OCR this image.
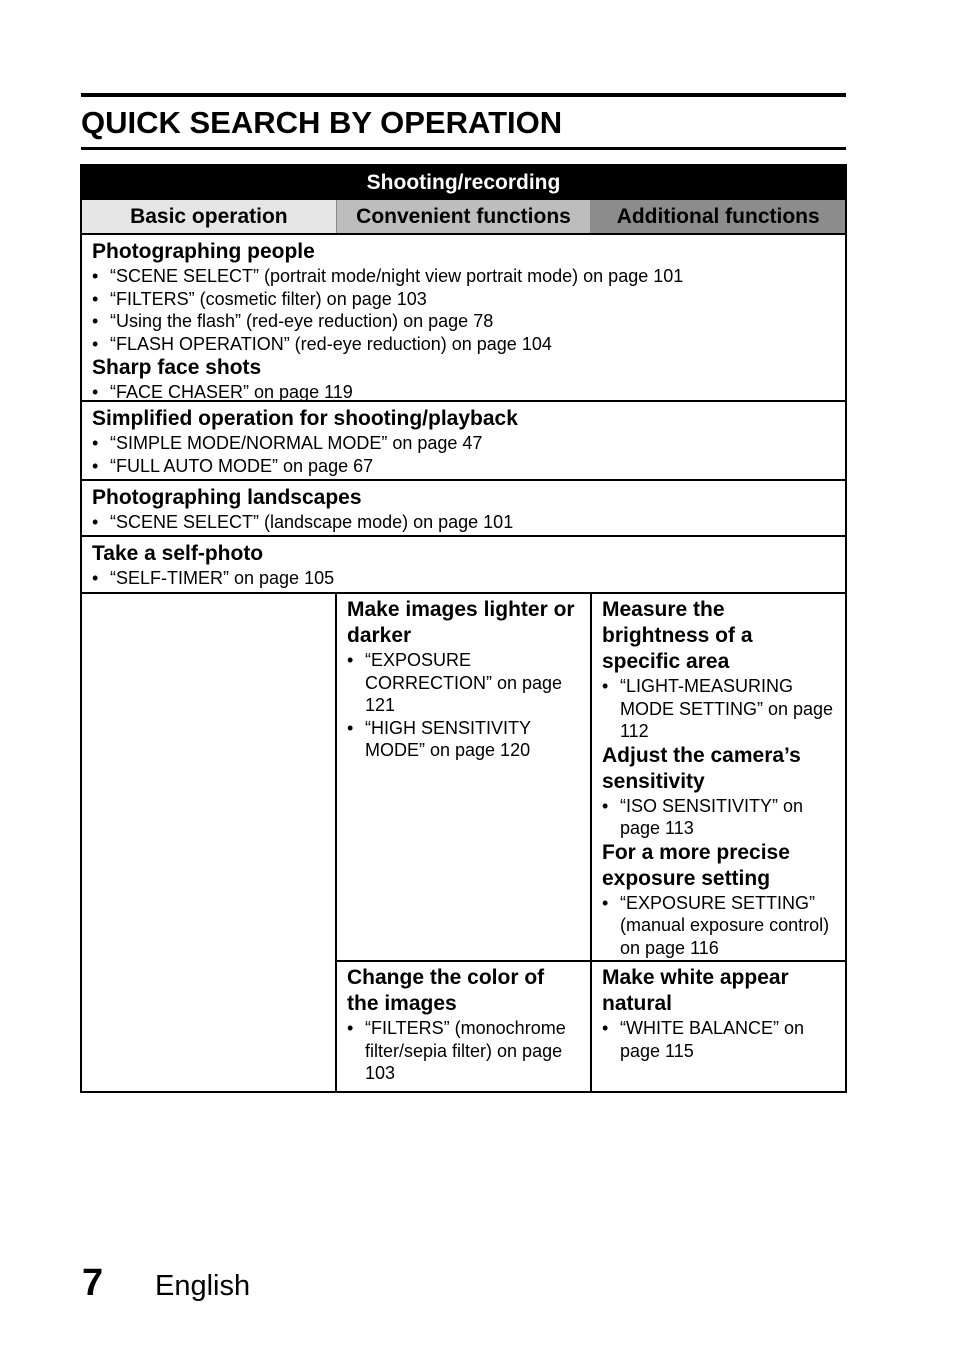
QUICK SEARCH BY OPERATION
Shooting/recording
Basic operation	Convenient functions	Additional functions
Photographing people
• “SCENE SELECT” (portrait mode/night view portrait mode) on page 101
• “FILTERS” (cosmetic filter) on page 103
• “Using the flash” (red-eye reduction) on page 78
• “FLASH OPERATION” (red-eye reduction) on page 104
Sharp face shots
• “FACE CHASER” on page 119
Simplified operation for shooting/playback
• “SIMPLE MODE/NORMAL MODE” on page 47
• “FULL AUTO MODE” on page 67
Photographing landscapes
• “SCENE SELECT” (landscape mode) on page 101
Take a self-photo
• “SELF-TIMER” on page 105
Make images lighter or darker
• “EXPOSURE CORRECTION” on page 121
• “HIGH SENSITIVITY MODE” on page 120
Change the color of the images
• “FILTERS” (monochrome filter/sepia filter) on page 103
Measure the brightness of a specific area
• “LIGHT-MEASURING MODE SETTING” on page 112
Adjust the camera’s sensitivity
• “ISO SENSITIVITY” on page 113
For a more precise exposure setting
• “EXPOSURE SETTING” (manual exposure control) on page 116
Make white appear natural
• “WHITE BALANCE” on page 115
7 English
